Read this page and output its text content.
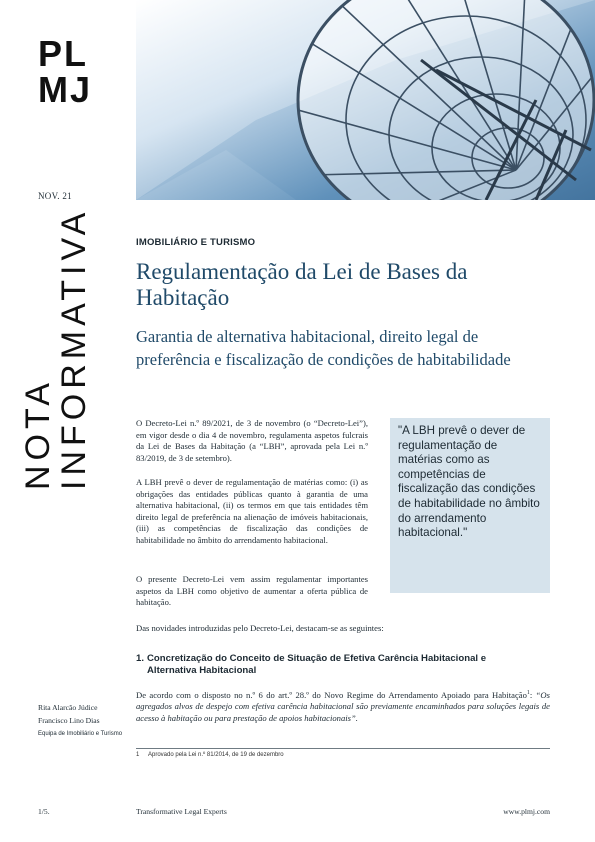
PL
MJ
NOV. 21
NOTA
INFORMATIVA	IMOBILIÁRIO E TURISMO
Regulamentação da Lei de Bases da Habitação
Garantia de alternativa habitacional, direito legal de preferência e fiscalização de condições de habitabilidade

O Decreto-Lei n.º 89/2021, de 3 de novembro (o “Decreto-Lei”), em vigor desde o dia 4 de novembro, regulamenta aspetos fulcrais da Lei de Bases da Habitação (a “LBH”, aprovada pela Lei n.º 83/2019, de 3 de setembro).

A LBH prevê o dever de regulamentação de matérias como: (i) as obrigações das entidades públicas quanto à garantia de uma alternativa habitacional, (ii) os termos em que tais entidades têm direito legal de preferência na alienação de imóveis habitacionais, (iii) as competências de fiscalização das condições de habitabilidade no âmbito do arrendamento habitacional.

O presente Decreto-Lei vem assim regulamentar importantes aspetos da LBH como objetivo de aumentar a oferta pública de habitação.

"A LBH prevê o dever de regulamentação de matérias como as competências de fiscalização das condições de habitabilidade no âmbito do arrendamento habitacional."
Das novidades introduzidas pelo Decreto-Lei, destacam-se as seguintes:
1. Concretização do Conceito de Situação de Efetiva Carência Habitacional e Alternativa Habitacional

De acordo com o disposto no n.º 6 do art.º 28.º do Novo Regime do Arrendamento Apoiado para Habitação$^1$: “Os agregados alvos de despejo com efetiva carência habitacional são previamente encaminhados para soluções legais de acesso à habitação ou para prestação de apoios habitacionais”.

1 Aprovado pela Lei n.º 81/2014, de 19 de dezembro
Rita Alarcão Júdice
Francisco Lino Dias
Equipa de Imobiliário e Turismo
1/5.	Transformative Legal Experts	www.plmj.com
